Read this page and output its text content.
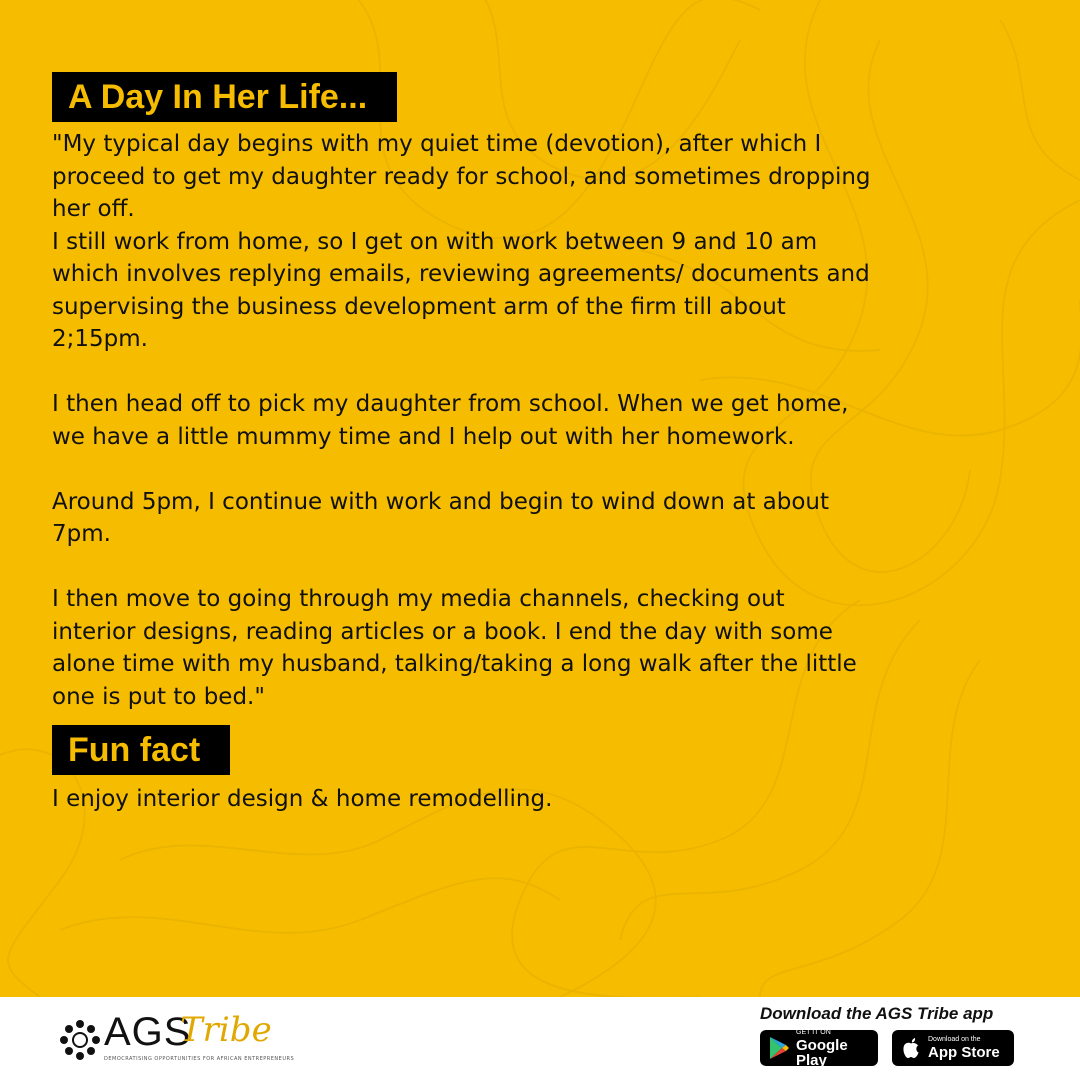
A Day In Her Life...

"My typical day begins with my quiet time (devotion), after which I proceed to get my daughter ready for school, and sometimes dropping her off.
I still work from home, so I get on with work between 9 and 10 am which involves replying emails, reviewing agreements/ documents and supervising the business development arm of the firm till about 2;15pm.

I then head off to pick my daughter from school. When we get home, we have a little mummy time and I help out with her homework.

Around 5pm, I continue with work and begin to wind down at about 7pm.

I then move to going through my media channels, checking out interior designs, reading articles or a book. I end the day with some alone time with my husband, talking/taking a long walk after the little one is put to bed."

Fun fact

I enjoy interior design & home remodelling.

AGS
Tribe
DEMOCRATISING OPPORTUNITIES FOR AFRICAN ENTREPRENEURS
Download the AGS Tribe app
GET IT ON
Google Play
Download on the
App Store
